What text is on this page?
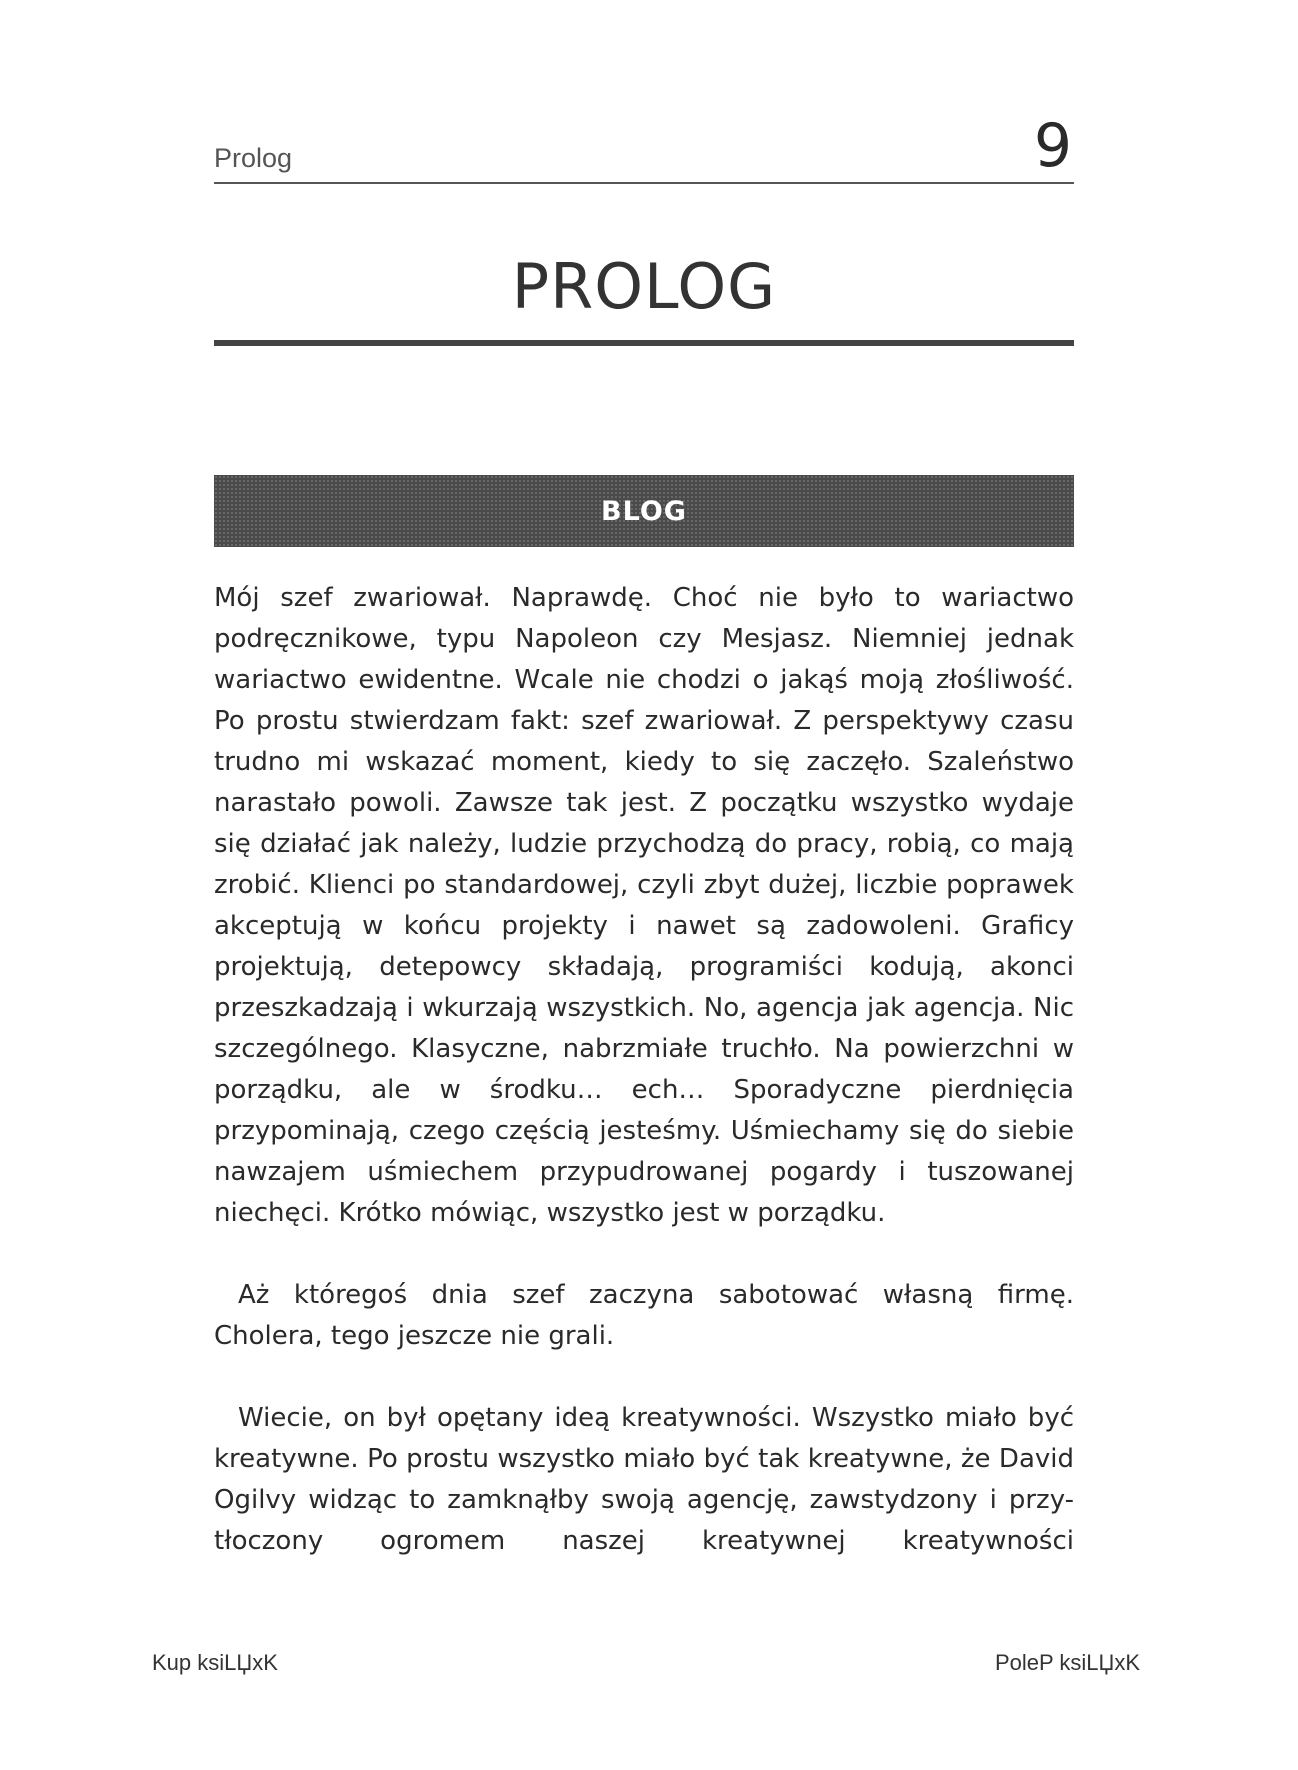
Prolog	9
PROLOG
BLOG

Mój szef zwariował. Naprawdę. Choć nie było to wariactwo podręcznikowe, typu Napoleon czy Mesjasz. Niemniej jednak wariactwo ewidentne. Wcale nie chodzi o jakąś moją złośliwość. Po prostu stwierdzam fakt: szef zwariował. Z perspektywy czasu trudno mi wskazać moment, kiedy to się zaczęło. Szaleństwo narastało powoli. Zawsze tak jest. Z początku wszystko wydaje się działać jak należy, ludzie przychodzą do pracy, robią, co mają zrobić. Klienci po standardowej, czyli zbyt dużej, liczbie poprawek akceptują w końcu projekty i nawet są zadowoleni. Graficy projektują, detepowcy składają, programiści kodują, akonci przeszkadzają i wkurzają wszystkich. No, agencja jak agencja. Nic szczególnego. Klasyczne, nabrzmiałe truchło. Na powierzchni w porządku, ale w środku… ech… Sporadyczne pierdnięcia przypominają, czego częścią jesteśmy. Uśmiechamy się do siebie nawzajem uśmiechem przypudrowanej pogardy i tuszowanej niechęci. Krótko mówiąc, wszystko jest w porządku.

Aż któregoś dnia szef zaczyna sabotować własną firmę. Cholera, tego jeszcze nie grali.

Wiecie, on był opętany ideą kreatywności. Wszystko miało być kreatywne. Po prostu wszystko miało być tak kreatywne, że David Ogilvy widząc to zamknąłby swoją agencję, zawstydzony i przy-tłoczony ogromem naszej kreatywnej kreatywności

Kup ksiLЏxK	PoleP ksiLЏxK
